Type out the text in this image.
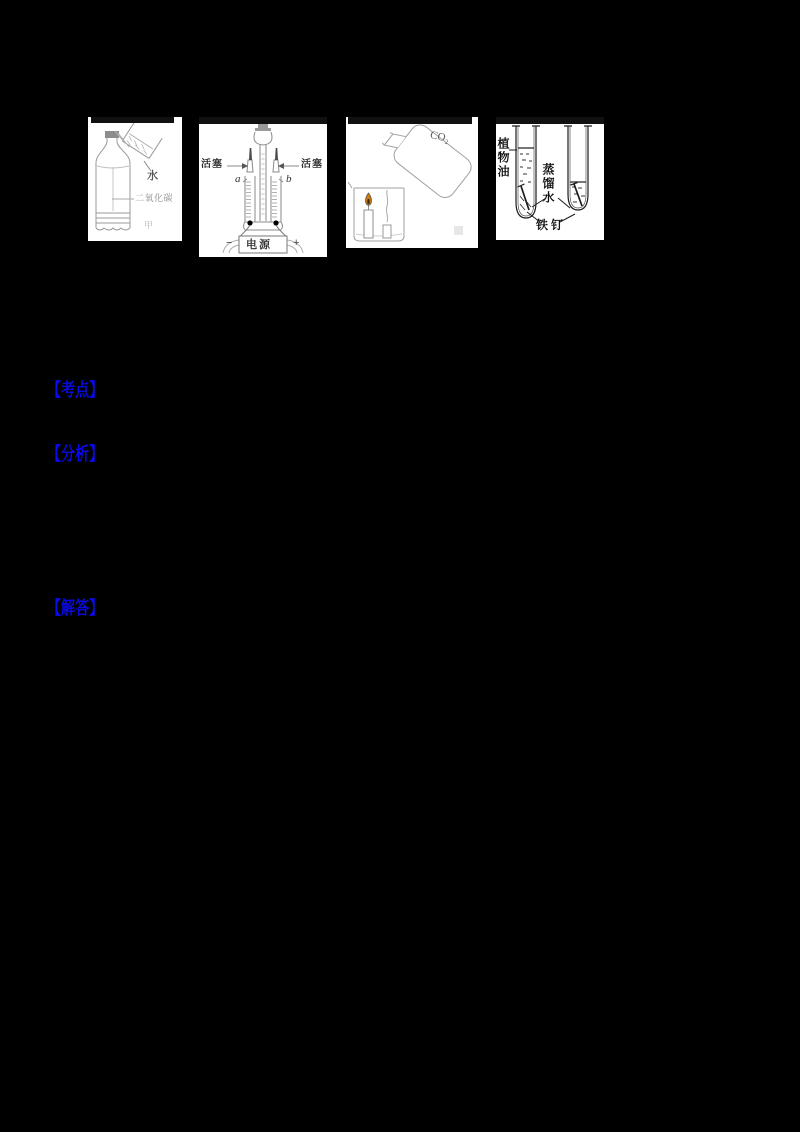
水
二氧化碳
甲
活塞	活塞
a	b
电源
−	+
CO₂	植物油
蒸馏水
铁钉
【考点】
【分析】
【解答】
